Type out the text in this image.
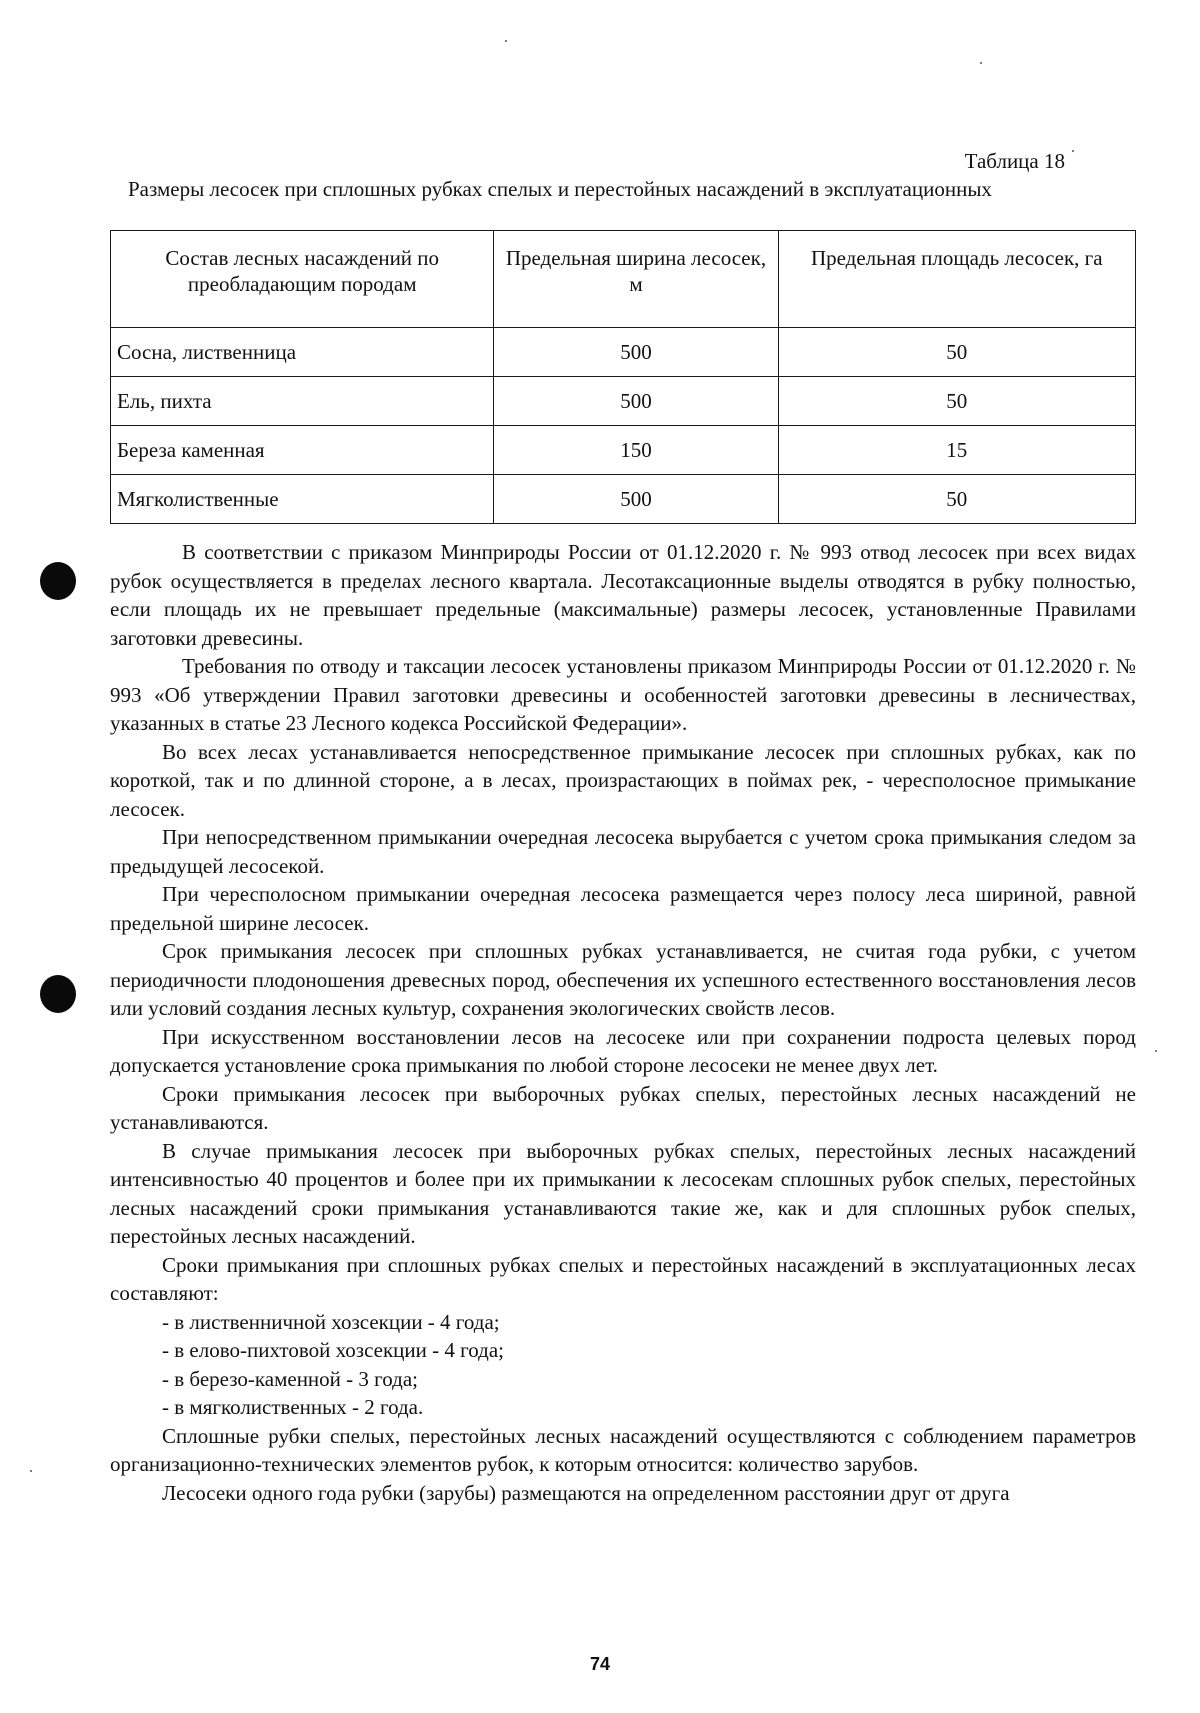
Таблица 18
Размеры лесосек при сплошных рубках спелых и перестойных насаждений в эксплуатационных
Состав лесных насаждений по преобладающим породам	Предельная ширина лесосек, м	Предельная площадь лесосек, га
Сосна, лиственница	500	50
Ель, пихта	500	50
Береза каменная	150	15
Мягколиственные	500	50

В соответствии с приказом Минприроды России от 01.12.2020 г. № 993 отвод лесосек при всех видах рубок осуществляется в пределах лесного квартала. Лесотаксационные выделы отводятся в рубку полностью, если площадь их не превышает предельные (максимальные) размеры лесосек, установленные Правилами заготовки древесины.

Требования по отводу и таксации лесосек установлены приказом Минприроды России от 01.12.2020 г. № 993 «Об утверждении Правил заготовки древесины и особенностей заготовки древесины в лесничествах, указанных в статье 23 Лесного кодекса Российской Федерации».

Во всех лесах устанавливается непосредственное примыкание лесосек при сплошных рубках, как по короткой, так и по длинной стороне, а в лесах, произрастающих в поймах рек, - чересполосное примыкание лесосек.

При непосредственном примыкании очередная лесосека вырубается с учетом срока примыкания следом за предыдущей лесосекой.

При чересполосном примыкании очередная лесосека размещается через полосу леса шириной, равной предельной ширине лесосек.

Срок примыкания лесосек при сплошных рубках устанавливается, не считая года рубки, с учетом периодичности плодоношения древесных пород, обеспечения их успешного естественного восстановления лесов или условий создания лесных культур, сохранения экологических свойств лесов.

При искусственном восстановлении лесов на лесосеке или при сохранении подроста целевых пород допускается установление срока примыкания по любой стороне лесосеки не менее двух лет.

Сроки примыкания лесосек при выборочных рубках спелых, перестойных лесных насаждений не устанавливаются.

В случае примыкания лесосек при выборочных рубках спелых, перестойных лесных насаждений интенсивностью 40 процентов и более при их примыкании к лесосекам сплошных рубок спелых, перестойных лесных насаждений сроки примыкания устанавливаются такие же, как и для сплошных рубок спелых, перестойных лесных насаждений.

Сроки примыкания при сплошных рубках спелых и перестойных насаждений в эксплуатационных лесах составляют:

- в лиственничной хозсекции - 4 года;

- в елово-пихтовой хозсекции - 4 года;

- в березо-каменной - 3 года;

- в мягколиственных - 2 года.

Сплошные рубки спелых, перестойных лесных насаждений осуществляются с соблюдением параметров организационно-технических элементов рубок, к которым относится: количество зарубов.

Лесосеки одного года рубки (зарубы) размещаются на определенном расстоянии друг от друга

74
